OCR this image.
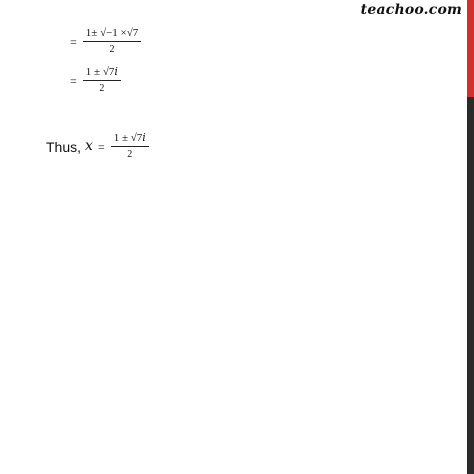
teachoo.com
= $\frac{1\pm √-1 \times√7}{2}$
= $\frac{\text{1 ± √7𝑖}}{2}$
Thus, 𝑥 = $\frac{\text{1 ± √7𝑖}}{2}$
